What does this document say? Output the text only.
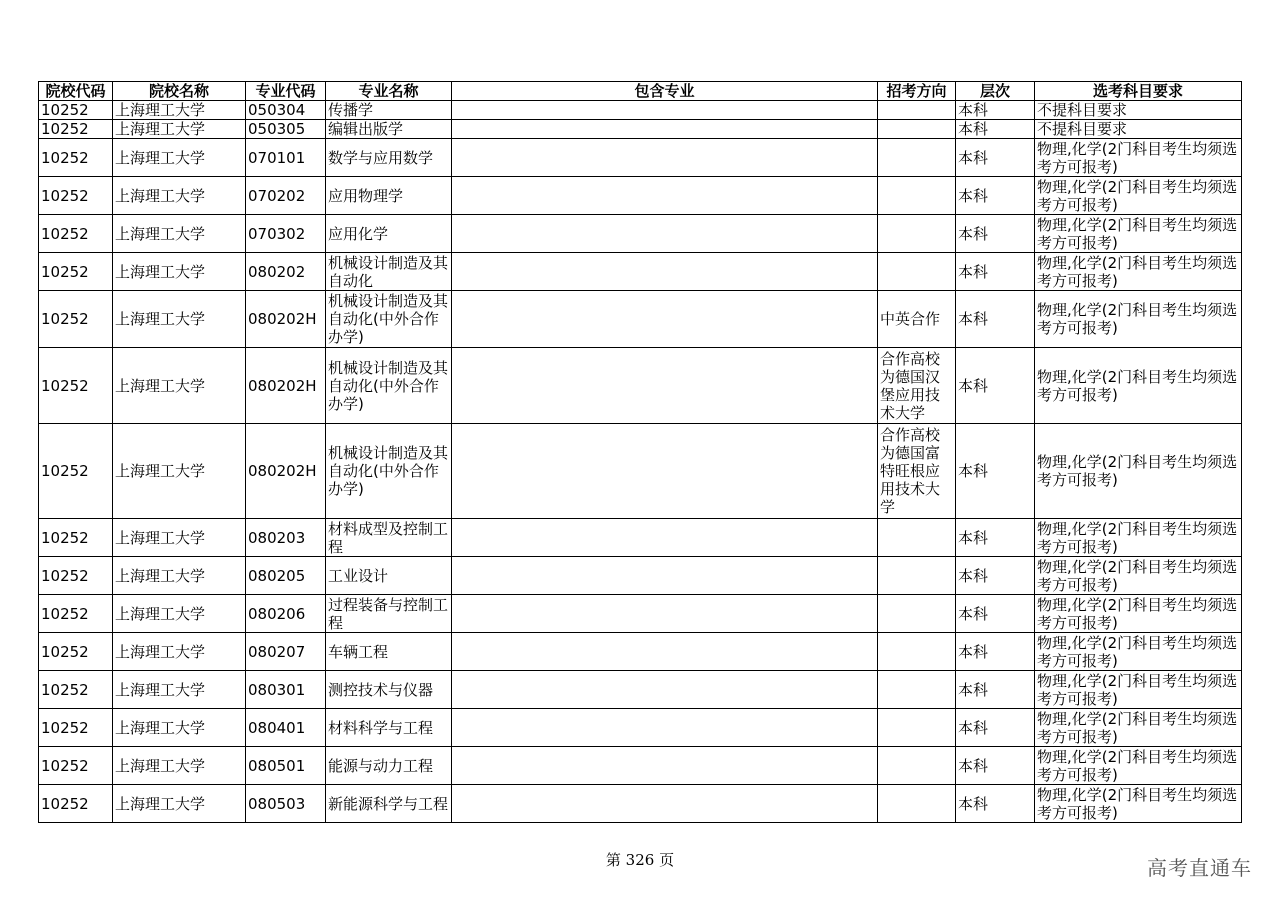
院校代码	院校名称	专业代码	专业名称	包含专业	招考方向	层次	选考科目要求
10252	上海理工大学	050304	传播学			本科	不提科目要求
10252	上海理工大学	050305	编辑出版学			本科	不提科目要求
10252	上海理工大学	070101	数学与应用数学			本科	物理,化学(2门科目考生均须选考方可报考)
10252	上海理工大学	070202	应用物理学			本科	物理,化学(2门科目考生均须选考方可报考)
10252	上海理工大学	070302	应用化学			本科	物理,化学(2门科目考生均须选考方可报考)
10252	上海理工大学	080202	机械设计制造及其自动化			本科	物理,化学(2门科目考生均须选考方可报考)
10252	上海理工大学	080202H	机械设计制造及其自动化(中外合作办学)		中英合作	本科	物理,化学(2门科目考生均须选考方可报考)
10252	上海理工大学	080202H	机械设计制造及其自动化(中外合作办学)		合作高校为德国汉堡应用技术大学	本科	物理,化学(2门科目考生均须选考方可报考)
10252	上海理工大学	080202H	机械设计制造及其自动化(中外合作办学)		合作高校为德国富特旺根应用技术大学	本科	物理,化学(2门科目考生均须选考方可报考)
10252	上海理工大学	080203	材料成型及控制工程			本科	物理,化学(2门科目考生均须选考方可报考)
10252	上海理工大学	080205	工业设计			本科	物理,化学(2门科目考生均须选考方可报考)
10252	上海理工大学	080206	过程装备与控制工程			本科	物理,化学(2门科目考生均须选考方可报考)
10252	上海理工大学	080207	车辆工程			本科	物理,化学(2门科目考生均须选考方可报考)
10252	上海理工大学	080301	测控技术与仪器			本科	物理,化学(2门科目考生均须选考方可报考)
10252	上海理工大学	080401	材料科学与工程			本科	物理,化学(2门科目考生均须选考方可报考)
10252	上海理工大学	080501	能源与动力工程			本科	物理,化学(2门科目考生均须选考方可报考)
10252	上海理工大学	080503	新能源科学与工程			本科	物理,化学(2门科目考生均须选考方可报考)
第 326 页	高考直通车
